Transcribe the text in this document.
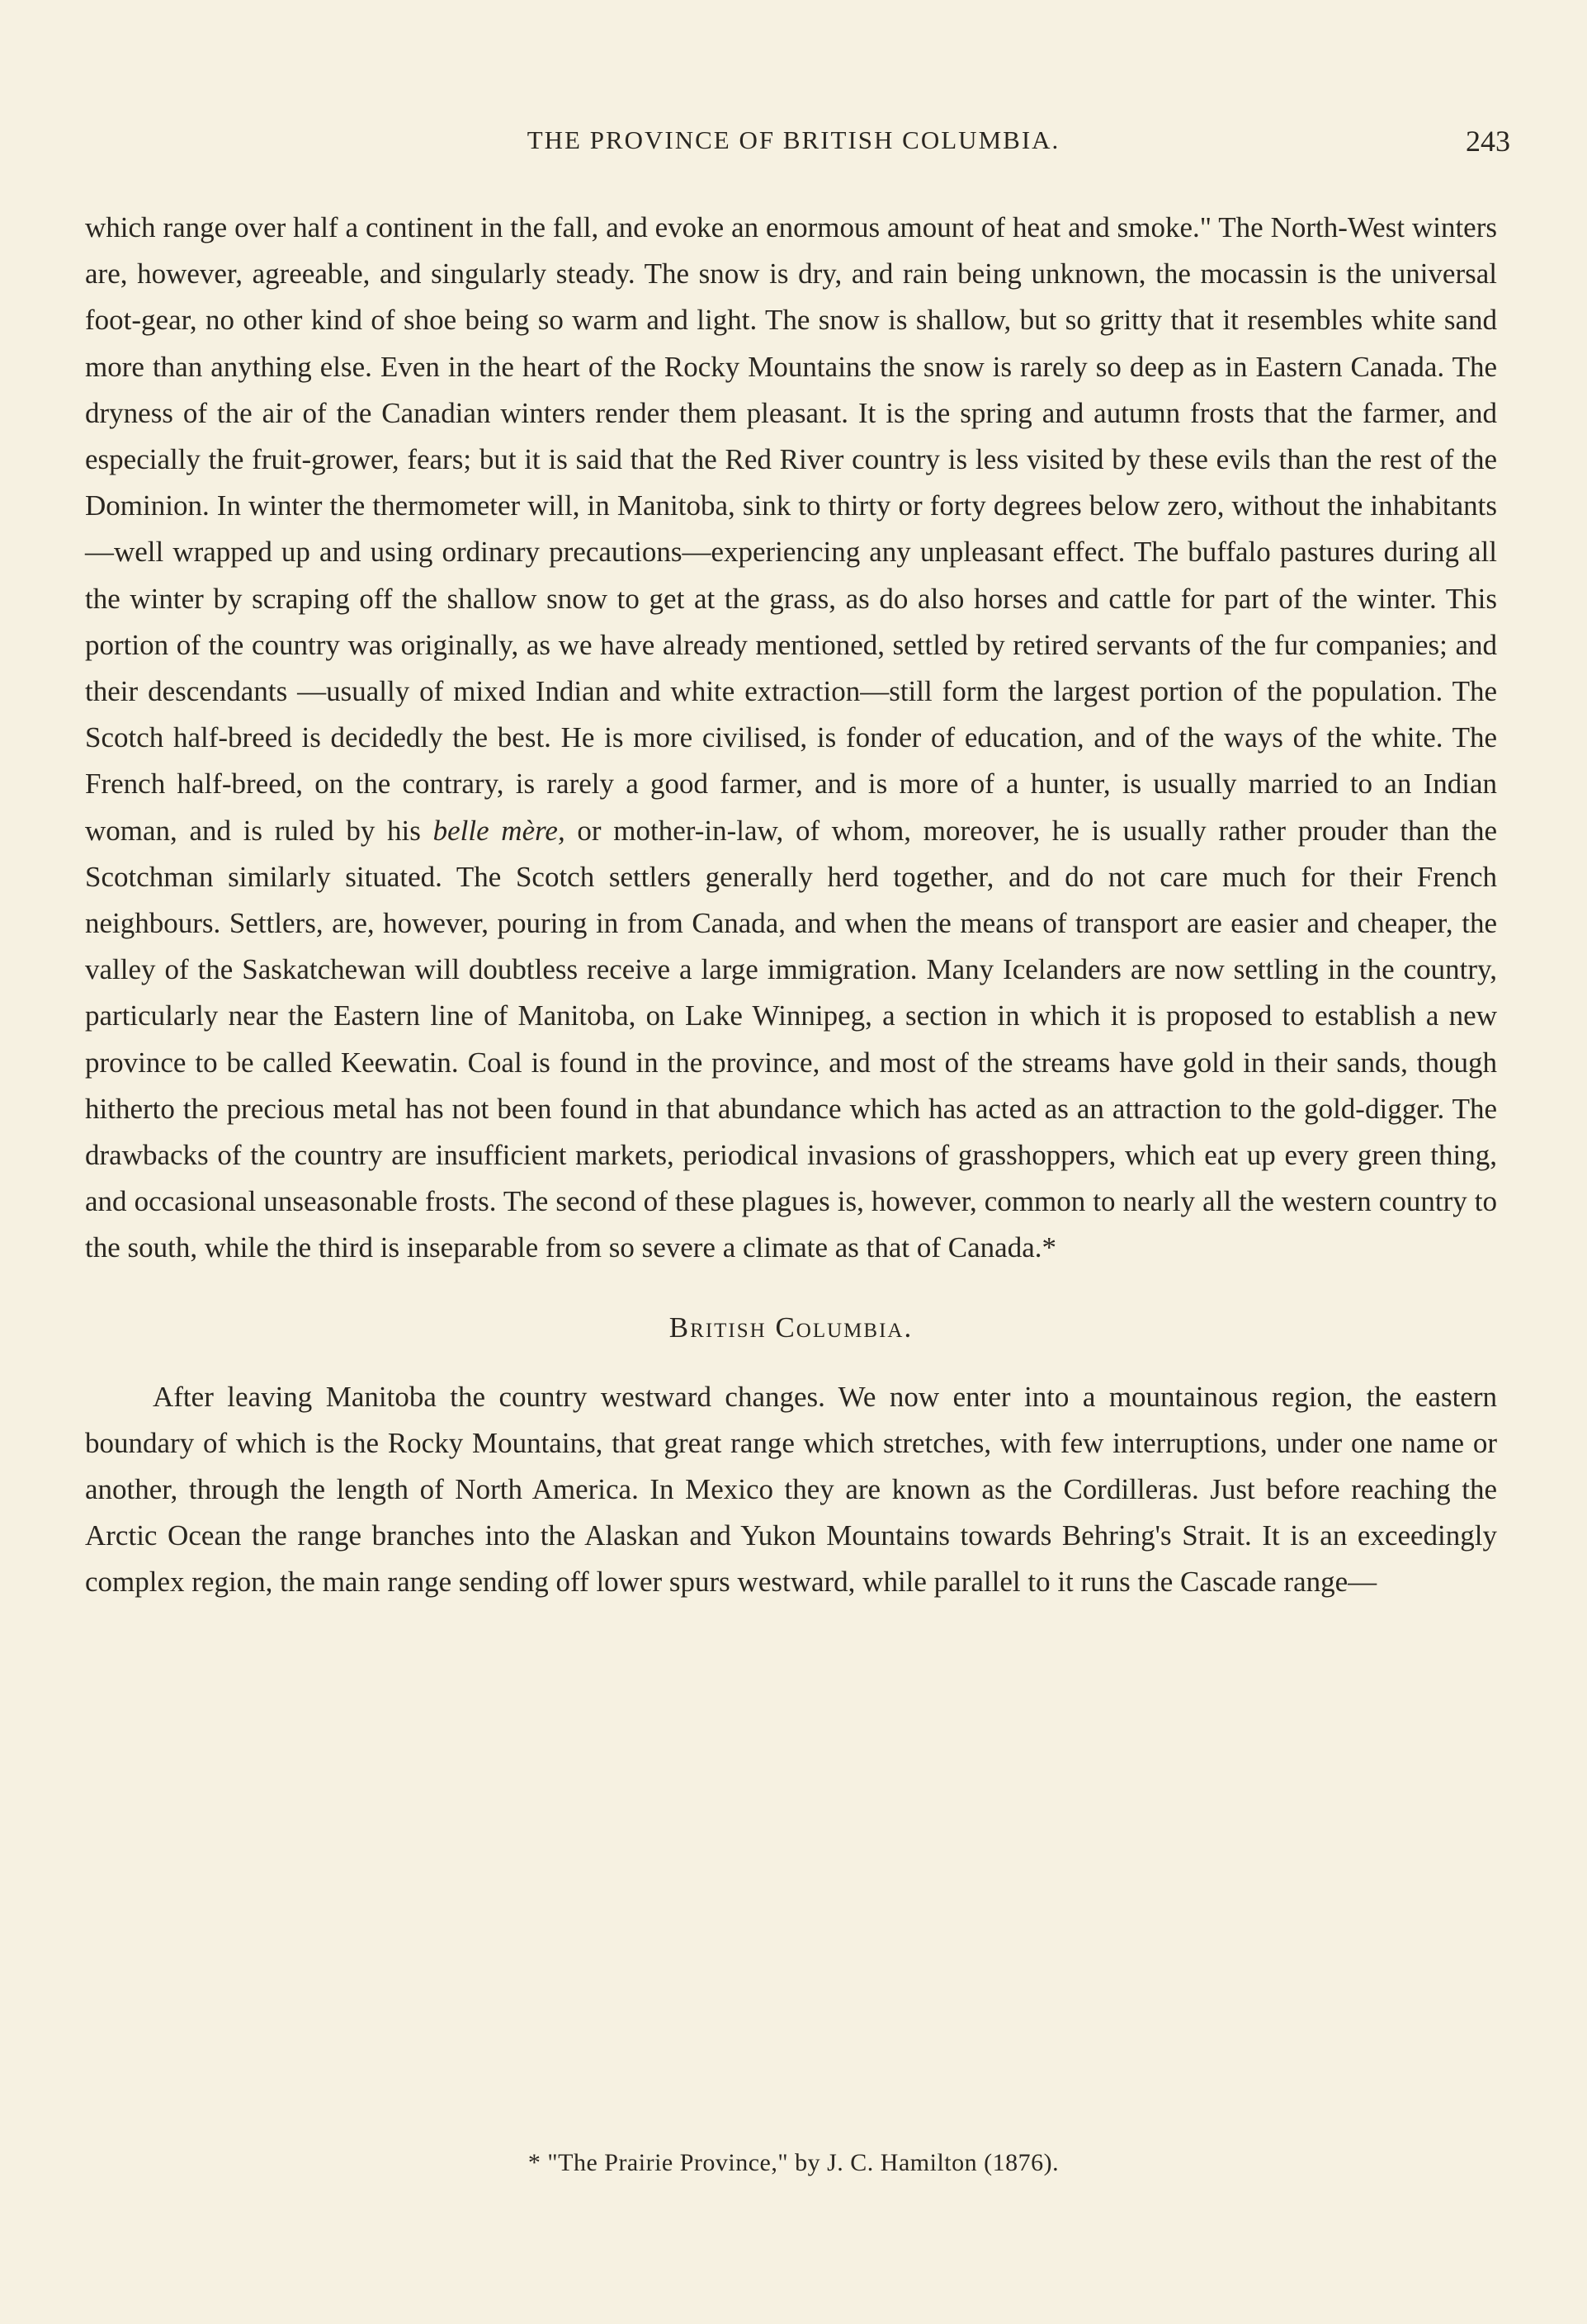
THE PROVINCE OF BRITISH COLUMBIA.	243

which range over half a continent in the fall, and evoke an enormous amount of heat and smoke." The North-West winters are, however, agreeable, and singularly steady. The snow is dry, and rain being unknown, the mocassin is the universal foot-gear, no other kind of shoe being so warm and light. The snow is shallow, but so gritty that it resembles white sand more than anything else. Even in the heart of the Rocky Mountains the snow is rarely so deep as in Eastern Canada. The dryness of the air of the Canadian winters render them pleasant. It is the spring and autumn frosts that the farmer, and especially the fruit-grower, fears; but it is said that the Red River country is less visited by these evils than the rest of the Dominion. In winter the thermometer will, in Manitoba, sink to thirty or forty degrees below zero, without the inhabitants—well wrapped up and using ordinary precautions—experiencing any unpleasant effect. The buffalo pastures during all the winter by scraping off the shallow snow to get at the grass, as do also horses and cattle for part of the winter. This portion of the country was originally, as we have already mentioned, settled by retired servants of the fur companies; and their descendants —usually of mixed Indian and white extraction—still form the largest portion of the population. The Scotch half-breed is decidedly the best. He is more civilised, is fonder of education, and of the ways of the white. The French half-breed, on the contrary, is rarely a good farmer, and is more of a hunter, is usually married to an Indian woman, and is ruled by his belle mère, or mother-in-law, of whom, moreover, he is usually rather prouder than the Scotchman similarly situated. The Scotch settlers generally herd together, and do not care much for their French neighbours. Settlers, are, however, pouring in from Canada, and when the means of transport are easier and cheaper, the valley of the Saskatchewan will doubtless receive a large immigration. Many Icelanders are now settling in the country, particularly near the Eastern line of Manitoba, on Lake Winnipeg, a section in which it is proposed to establish a new province to be called Keewatin. Coal is found in the province, and most of the streams have gold in their sands, though hitherto the precious metal has not been found in that abundance which has acted as an attraction to the gold-digger. The drawbacks of the country are insufficient markets, periodical invasions of grasshoppers, which eat up every green thing, and occasional unseasonable frosts. The second of these plagues is, however, common to nearly all the western country to the south, while the third is inseparable from so severe a climate as that of Canada.*

British Columbia.

After leaving Manitoba the country westward changes. We now enter into a mountainous region, the eastern boundary of which is the Rocky Mountains, that great range which stretches, with few interruptions, under one name or another, through the length of North America. In Mexico they are known as the Cordilleras. Just before reaching the Arctic Ocean the range branches into the Alaskan and Yukon Mountains towards Behring's Strait. It is an exceedingly complex region, the main range sending off lower spurs westward, while parallel to it runs the Cascade range—

* "The Prairie Province," by J. C. Hamilton (1876).
